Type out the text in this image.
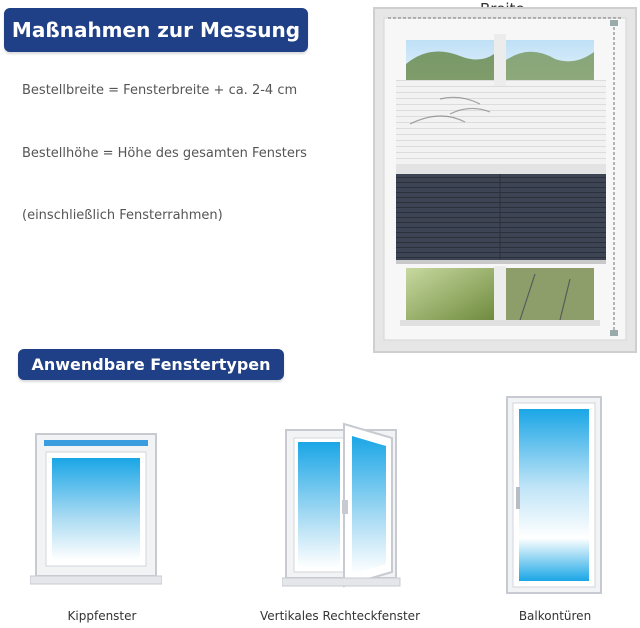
Maßnahmen zur Messung
Bestellbreite = Fensterbreite + ca. 2-4 cm
Bestellhöhe = Höhe des gesamten Fensters
(einschließlich Fensterrahmen)
Anwendbare Fenstertypen
Kippfenster	Vertikales Rechteckfenster	Balkontüren
